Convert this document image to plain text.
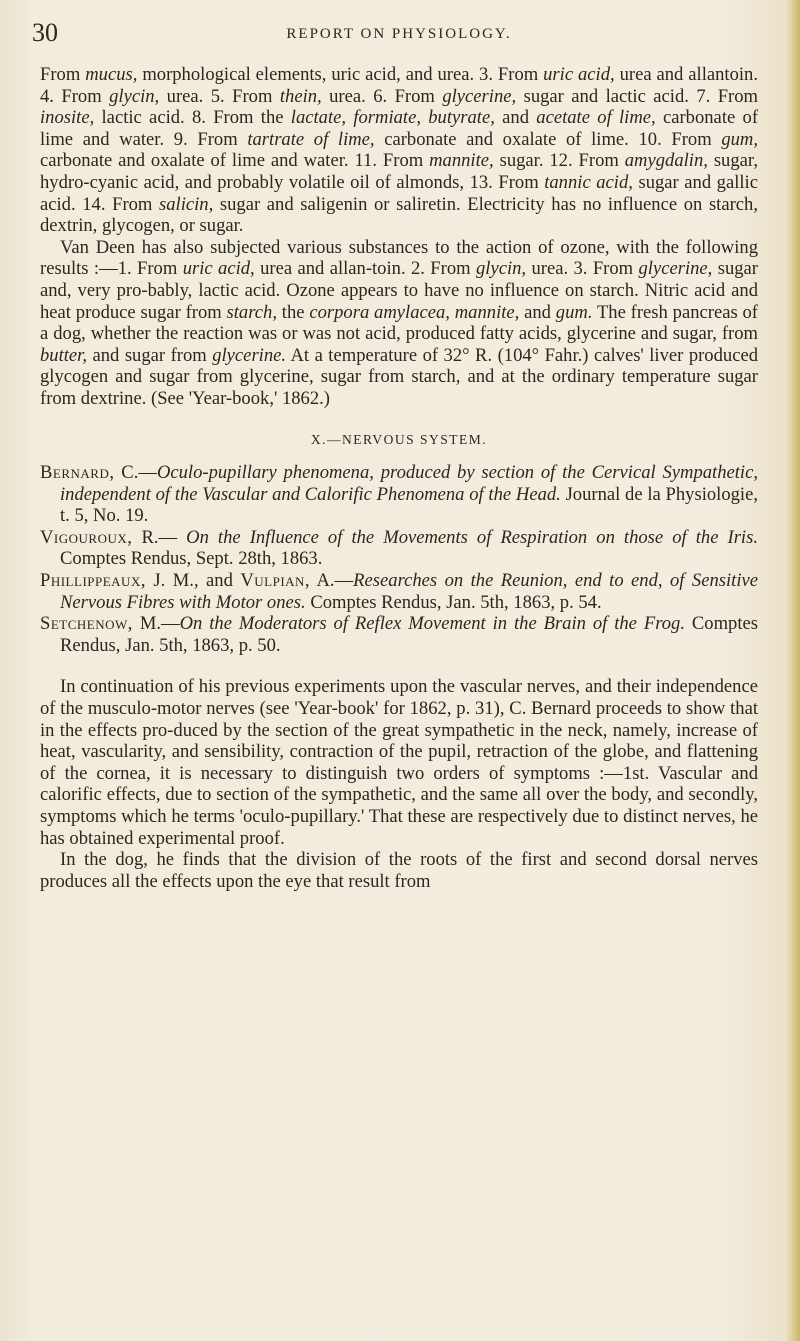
30	REPORT ON PHYSIOLOGY.

From mucus, morphological elements, uric acid, and urea. 3. From uric acid, urea and allantoin. 4. From glycin, urea. 5. From thein, urea. 6. From glycerine, sugar and lactic acid. 7. From inosite, lactic acid. 8. From the lactate, formiate, butyrate, and acetate of lime, carbonate of lime and water. 9. From tartrate of lime, carbonate and oxalate of lime. 10. From gum, carbonate and oxalate of lime and water. 11. From mannite, sugar. 12. From amygdalin, sugar, hydro-cyanic acid, and probably volatile oil of almonds, 13. From tannic acid, sugar and gallic acid. 14. From salicin, sugar and saligenin or saliretin. Electricity has no influence on starch, dextrin, glycogen, or sugar.

Van Deen has also subjected various substances to the action of ozone, with the following results :—1. From uric acid, urea and allan-toin. 2. From glycin, urea. 3. From glycerine, sugar and, very pro-bably, lactic acid. Ozone appears to have no influence on starch. Nitric acid and heat produce sugar from starch, the corpora amylacea, mannite, and gum. The fresh pancreas of a dog, whether the reaction was or was not acid, produced fatty acids, glycerine and sugar, from butter, and sugar from glycerine. At a temperature of 32° R. (104° Fahr.) calves' liver produced glycogen and sugar from glycerine, sugar from starch, and at the ordinary temperature sugar from dextrine. (See 'Year-book,' 1862.)

X.—NERVOUS SYSTEM.

Bernard, C.—Oculo-pupillary phenomena, produced by section of the Cervical Sympathetic, independent of the Vascular and Calorific Phenomena of the Head. Journal de la Physiologie, t. 5, No. 19.

Vigouroux, R.— On the Influence of the Movements of Respiration on those of the Iris. Comptes Rendus, Sept. 28th, 1863.

Phillippeaux, J. M., and Vulpian, A.—Researches on the Reunion, end to end, of Sensitive Nervous Fibres with Motor ones. Comptes Rendus, Jan. 5th, 1863, p. 54.

Setchenow, M.—On the Moderators of Reflex Movement in the Brain of the Frog. Comptes Rendus, Jan. 5th, 1863, p. 50.

In continuation of his previous experiments upon the vascular nerves, and their independence of the musculo-motor nerves (see 'Year-book' for 1862, p. 31), C. Bernard proceeds to show that in the effects pro-duced by the section of the great sympathetic in the neck, namely, increase of heat, vascularity, and sensibility, contraction of the pupil, retraction of the globe, and flattening of the cornea, it is necessary to distinguish two orders of symptoms :—1st. Vascular and calorific effects, due to section of the sympathetic, and the same all over the body, and secondly, symptoms which he terms 'oculo-pupillary.' That these are respectively due to distinct nerves, he has obtained experimental proof.

In the dog, he finds that the division of the roots of the first and second dorsal nerves produces all the effects upon the eye that result from
